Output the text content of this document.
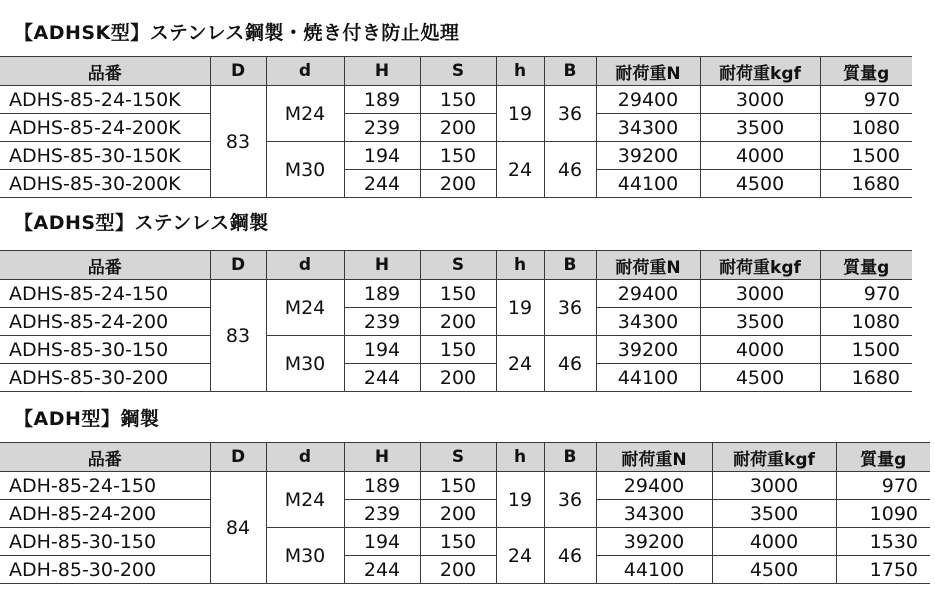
【ADHSK型】ステンレス鋼製・焼き付き防止処理
品番	D	d	H	S	h	B	耐荷重N	耐荷重kgf	質量g
ADHS-85-24-150K	83	M24	189	150	19	36	29400	3000	970
ADHS-85-24-200K			239	200			34300	3500	1080
ADHS-85-30-150K		M30	194	150	24	46	39200	4000	1500
ADHS-85-30-200K			244	200			44100	4500	1680
【ADHS型】ステンレス鋼製
品番	D	d	H	S	h	B	耐荷重N	耐荷重kgf	質量g
ADHS-85-24-150	83	M24	189	150	19	36	29400	3000	970
ADHS-85-24-200			239	200			34300	3500	1080
ADHS-85-30-150		M30	194	150	24	46	39200	4000	1500
ADHS-85-30-200			244	200			44100	4500	1680
【ADH型】鋼製
品番	D	d	H	S	h	B	耐荷重N	耐荷重kgf	質量g
ADH-85-24-150	84	M24	189	150	19	36	29400	3000	970
ADH-85-24-200			239	200			34300	3500	1090
ADH-85-30-150		M30	194	150	24	46	39200	4000	1530
ADH-85-30-200			244	200			44100	4500	1750
